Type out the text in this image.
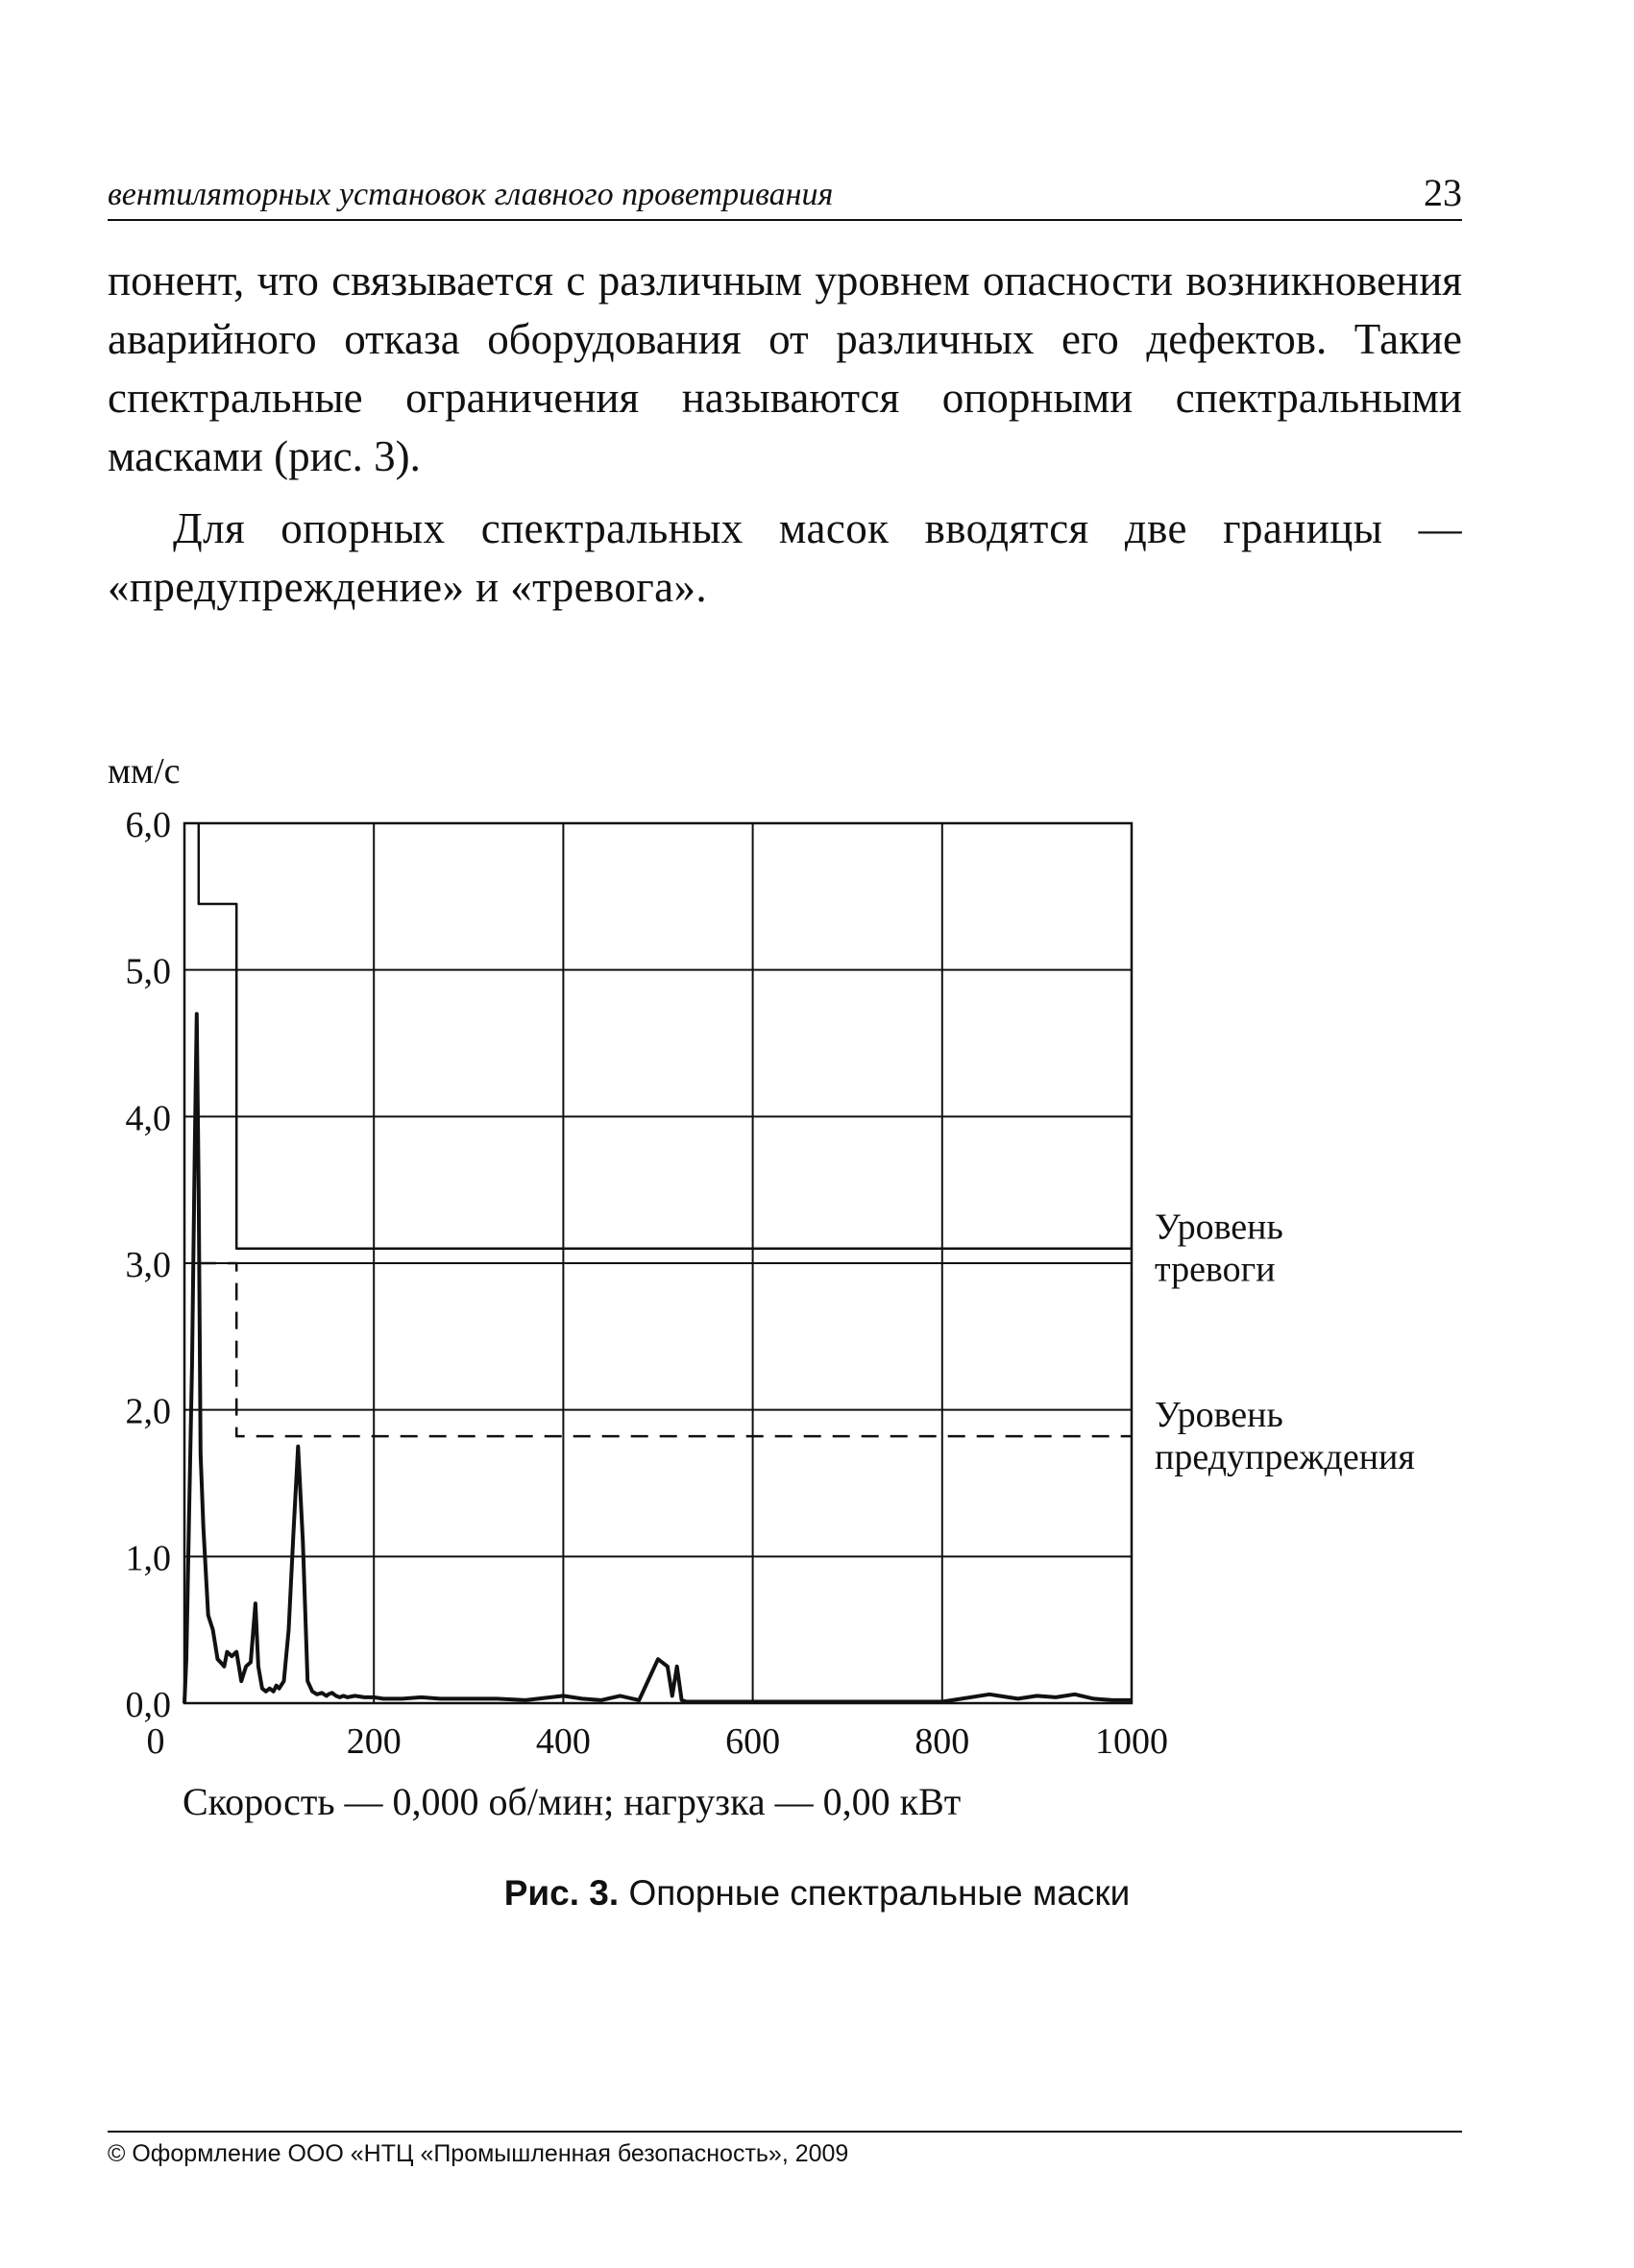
вентиляторных установок главного проветривания	23

понент, что связывается с различным уровнем опасности возникновения аварийного отказа оборудования от различных его дефектов. Такие спектральные ограничения называются опорными спектральными масками (рис. 3).

Для опорных спектральных масок вводятся две границы — «предупреждение» и «тревога».

0,0
1,0
2,0
3,0
4,0
5,0
6,0
0	200	400	600	800	1000
мм/с
Скорость — 0,000 об/мин; нагрузка — 0,00 кВт
Уровень тревоги
Уровень предупреждения
Рис. 3. Опорные спектральные маски
© Оформление ООО «НТЦ «Промышленная безопасность», 2009
